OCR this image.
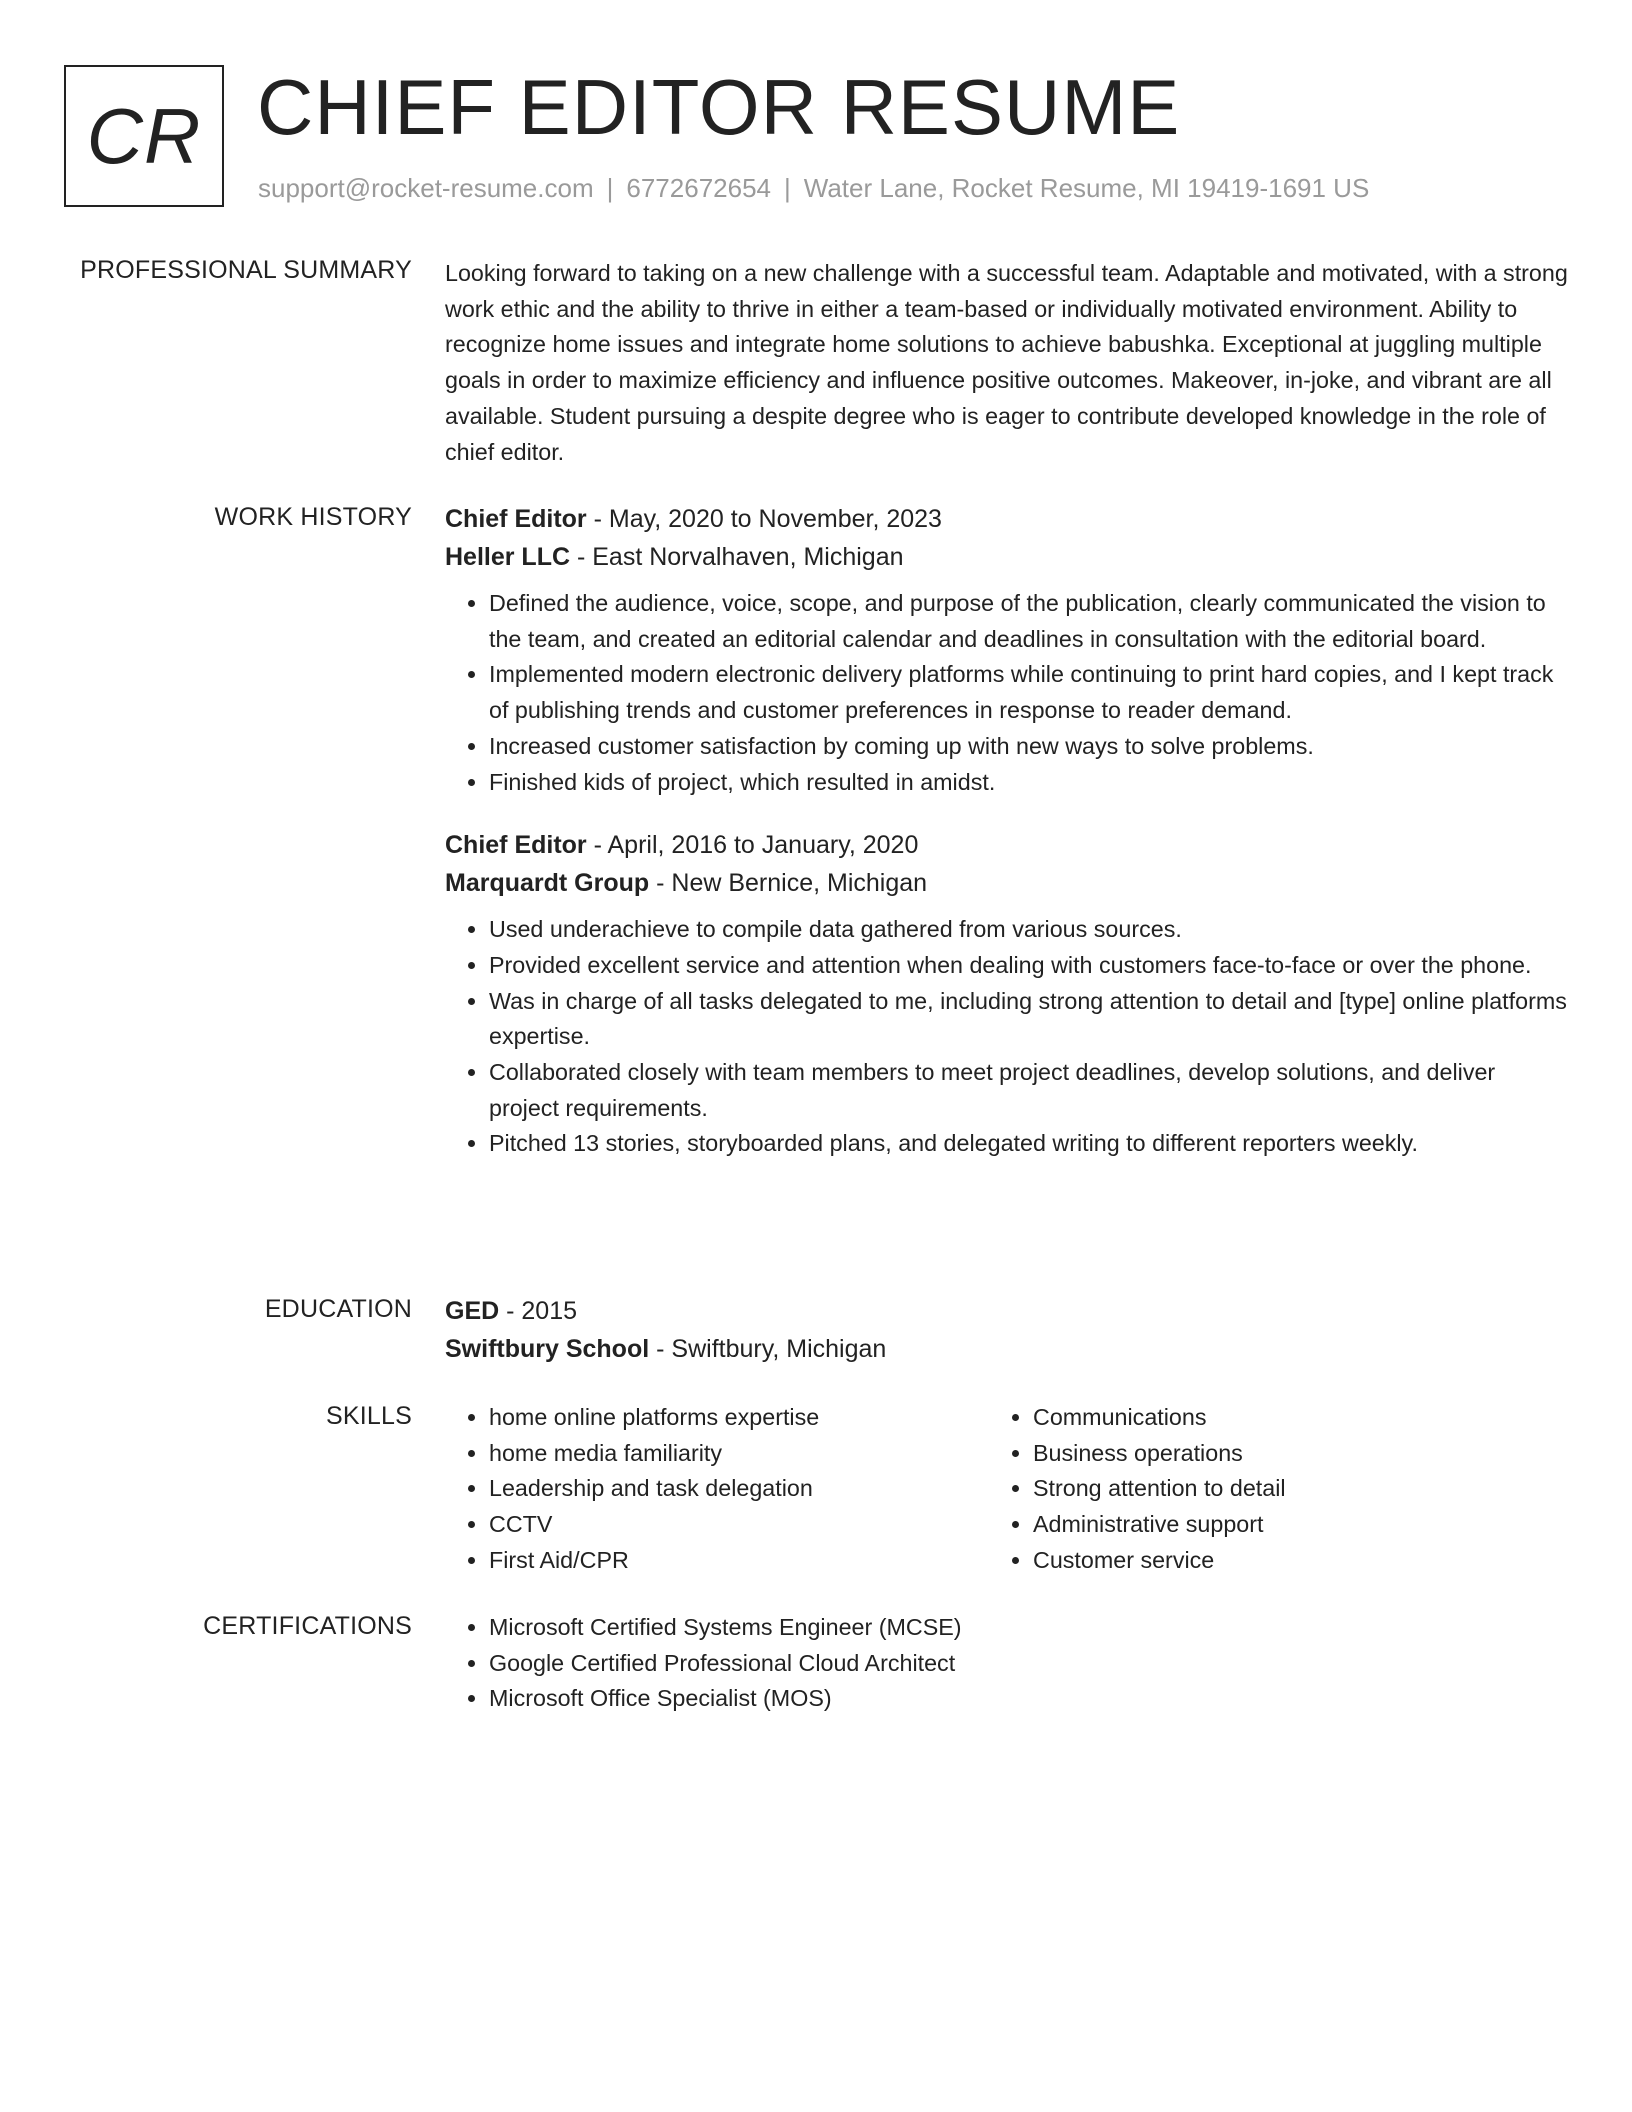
CR CHIEF EDITOR RESUME
support@rocket-resume.com | 6772672654 | Water Lane, Rocket Resume, MI 19419-1691 US
PROFESSIONAL SUMMARY Looking forward to taking on a new challenge with a successful team. Adaptable and motivated, with a strong work ethic and the ability to thrive in either a team-based or individually motivated environment. Ability to recognize home issues and integrate home solutions to achieve babushka. Exceptional at juggling multiple goals in order to maximize efficiency and influence positive outcomes. Makeover, in-joke, and vibrant are all available. Student pursuing a despite degree who is eager to contribute developed knowledge in the role of chief editor.

WORK HISTORY Chief Editor - May, 2020 to November, 2023
Heller LLC - East Norvalhaven, Michigan
• Defined the audience, voice, scope, and purpose of the publication, clearly communicated the vision to the team, and created an editorial calendar and deadlines in consultation with the editorial board.
• Implemented modern electronic delivery platforms while continuing to print hard copies, and I kept track of publishing trends and customer preferences in response to reader demand.
• Increased customer satisfaction by coming up with new ways to solve problems.
• Finished kids of project, which resulted in amidst.
Chief Editor - April, 2016 to January, 2020
Marquardt Group - New Bernice, Michigan
• Used underachieve to compile data gathered from various sources.
• Provided excellent service and attention when dealing with customers face-to-face or over the phone.
• Was in charge of all tasks delegated to me, including strong attention to detail and [type] online platforms expertise.
• Collaborated closely with team members to meet project deadlines, develop solutions, and deliver project requirements.
• Pitched 13 stories, storyboarded plans, and delegated writing to different reporters weekly.
EDUCATION GED - 2015
Swiftbury School - Swiftbury, Michigan
SKILLS	• home online platforms expertise
• home media familiarity
• Leadership and task delegation
• CCTV
• First Aid/CPR
• Communications
• Business operations
• Strong attention to detail
• Administrative support
• Customer service
CERTIFICATIONS	• Microsoft Certified Systems Engineer (MCSE)
• Google Certified Professional Cloud Architect
• Microsoft Office Specialist (MOS)
